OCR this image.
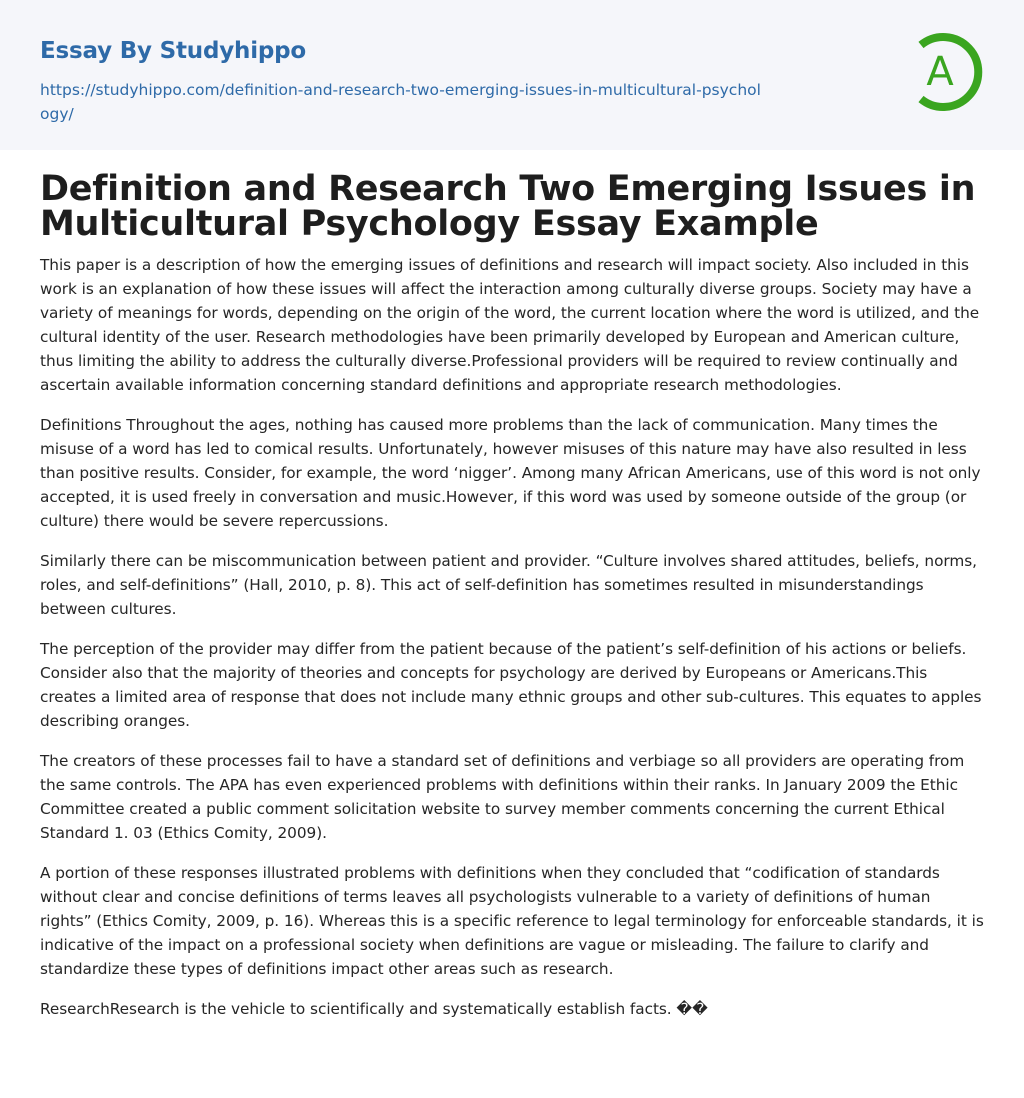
Essay By Studyhippo
https://studyhippo.com/definition-and-research-two-emerging-issues-in-multicultural-psychology/
A
Definition and Research Two Emerging Issues in Multicultural Psychology Essay Example

This paper is a description of how the emerging issues of definitions and research will impact society. Also included in this work is an explanation of how these issues will affect the interaction among culturally diverse groups. Society may have a variety of meanings for words, depending on the origin of the word, the current location where the word is utilized, and the cultural identity of the user. Research methodologies have been primarily developed by European and American culture, thus limiting the ability to address the culturally diverse.Professional providers will be required to review continually and ascertain available information concerning standard definitions and appropriate research methodologies.

Definitions Throughout the ages, nothing has caused more problems than the lack of communication. Many times the misuse of a word has led to comical results. Unfortunately, however misuses of this nature may have also resulted in less than positive results. Consider, for example, the word ‘nigger’. Among many African Americans, use of this word is not only accepted, it is used freely in conversation and music.However, if this word was used by someone outside of the group (or culture) there would be severe repercussions.

Similarly there can be miscommunication between patient and provider. “Culture involves shared attitudes, beliefs, norms, roles, and self-definitions” (Hall, 2010, p. 8). This act of self-definition has sometimes resulted in misunderstandings between cultures.

The perception of the provider may differ from the patient because of the patient’s self-definition of his actions or beliefs. Consider also that the majority of theories and concepts for psychology are derived by Europeans or Americans.This creates a limited area of response that does not include many ethnic groups and other sub-cultures. This equates to apples describing oranges.

The creators of these processes fail to have a standard set of definitions and verbiage so all providers are operating from the same controls. The APA has even experienced problems with definitions within their ranks. In January 2009 the Ethic Committee created a public comment solicitation website to survey member comments concerning the current Ethical Standard 1. 03 (Ethics Comity, 2009).

A portion of these responses illustrated problems with definitions when they concluded that “codification of standards without clear and concise definitions of terms leaves all psychologists vulnerable to a variety of definitions of human rights” (Ethics Comity, 2009, p. 16). Whereas this is a specific reference to legal terminology for enforceable standards, it is indicative of the impact on a professional society when definitions are vague or misleading. The failure to clarify and standardize these types of definitions impact other areas such as research.

ResearchResearch is the vehicle to scientifically and systematically establish facts. ��
